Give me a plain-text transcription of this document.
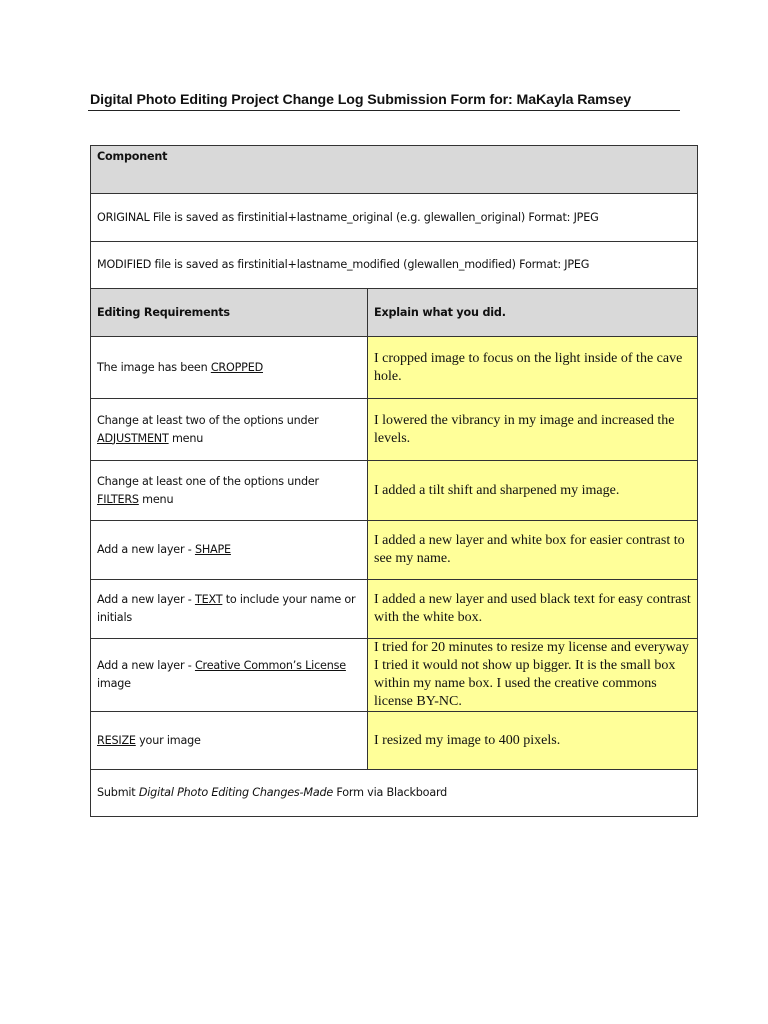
Digital Photo Editing Project Change Log Submission Form for: MaKayla Ramsey
Component	
ORIGINAL File is saved as firstinitial+lastname_original (e.g. glewallen_original) Format: JPEG	
MODIFIED file is saved as firstinitial+lastname_modified (glewallen_modified) Format: JPEG	
Editing Requirements	Explain what you did.
The image has been CROPPED	I cropped image to focus on the light inside of the cave hole.
Change at least two of the options under ADJUSTMENT menu	I lowered the vibrancy in my image and increased the levels.
Change at least one of the options under FILTERS menu	I added a tilt shift and sharpened my image.
Add a new layer - SHAPE	I added a new layer and white box for easier contrast to see my name.
Add a new layer - TEXT to include your name or initials	I added a new layer and used black text for easy contrast with the white box.
Add a new layer - Creative Common’s License image	I tried for 20 minutes to resize my license and everyway I tried it would not show up bigger. It is the small box within my name box. I used the creative commons license BY-NC.
RESIZE your image	I resized my image to 400 pixels.
Submit Digital Photo Editing Changes-Made Form via Blackboard	
